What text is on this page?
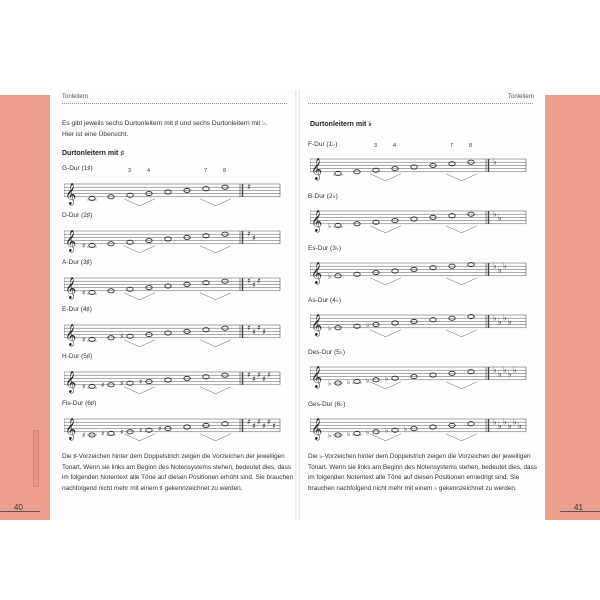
Tonleitern	Tonleitern
Es gibt jeweils sechs Durtonleitern mit ♯ und sechs Durtonleitern mit ♭. Hier ist eine Übersicht.
Durtonleitern mit ♯
Durtonleitern mit ♭
G-Dur (1♯)
𝄞	♯
3	4	7	8
D-Dur (2♯)
𝄞 ♯
♯ ♯
A-Dur (3♯)
𝄞 ♯
♯ ♯ ♯
E-Dur (4♯)
𝄞 ♯	♯
♯ ♯ ♯ ♯
H-Dur (5♯)
𝄞 ♯ ♯ ♯ ♯
♯ ♯ ♯ ♯ ♯
Fis-Dur (6♯)
𝄞 ♯ ♯ ♯ ♯ ♯
♯ ♯ ♯ ♯ ♯ ♯
F-Dur (1♭)
𝄞	♭
3	4	7	8
B-Dur (2♭)
𝄞 ♭
♭ ♭
Es-Dur (3♭)
𝄞 ♭
♭ ♭ ♭
As-Dur (4♭)
𝄞 ♭	♭
♭ ♭ ♭ ♭
Des-Dur (5♭)
𝄞 ♭ ♭ ♭ ♭
♭ ♭ ♭ ♭ ♭
Ges-Dur (6♭)
𝄞 ♭ ♭ ♭ ♭ ♭
♭ ♭ ♭ ♭ ♭ ♭
Die ♯-Vorzeichen hinter dem Doppelstrich zeigen die Vorzeichen der jeweiligen Tonart. Wenn sie links am Beginn des Notensystems stehen, bedeutet dies, dass im folgenden Notentext alle Töne auf diesen Positionen erhöht sind. Sie brauchen nachfolgend nicht mehr mit einem ♯ gekennzeichnet zu werden.
Die ♭-Vorzeichen hinter dem Doppelstrich zeigen die Vorzeichen der jeweiligen Tonart. Wenn sie links am Beginn des Notensystems stehen, bedeutet dies, dass im folgenden Notentext alle Töne auf diesen Positionen erniedrigt sind. Sie brauchen nachfolgend nicht mehr mit einem ♭ gekennzeichnet zu werden.
40	41
